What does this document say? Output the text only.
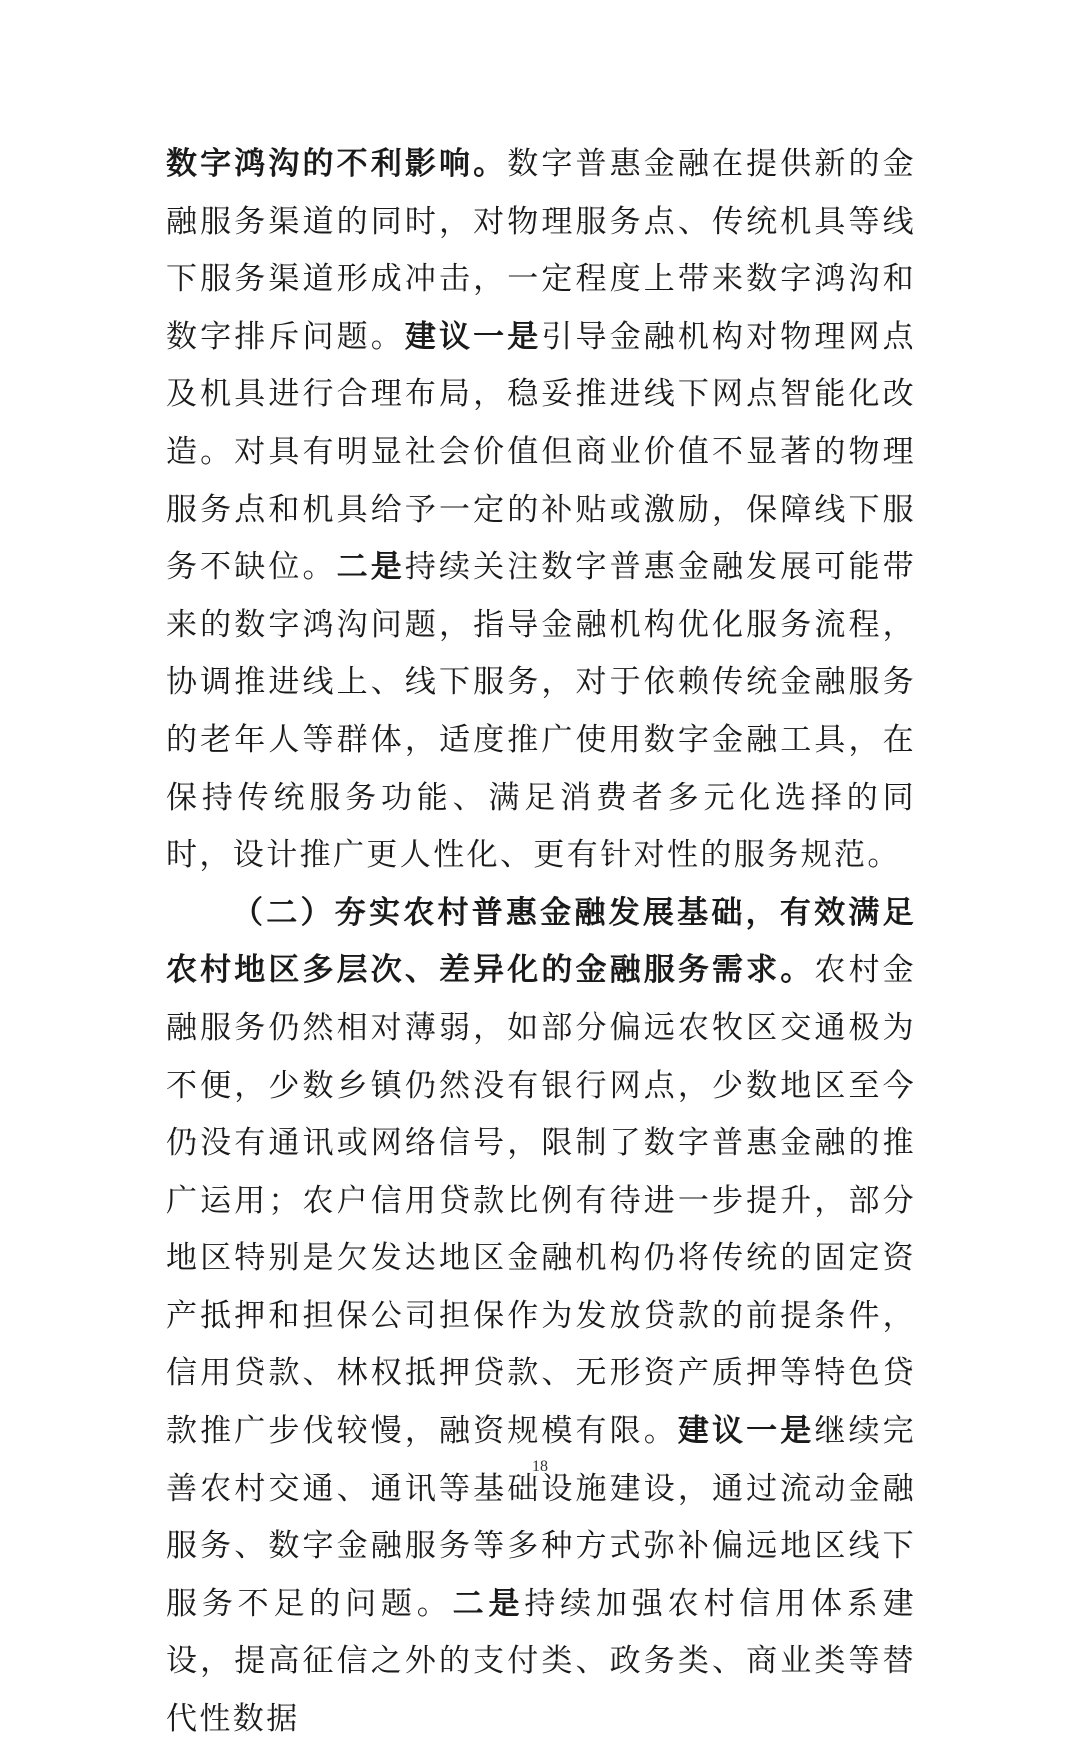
数字鸿沟的不利影响。数字普惠金融在提供新的金融服务渠道的同时，对物理服务点、传统机具等线下服务渠道形成冲击，一定程度上带来数字鸿沟和数字排斥问题。建议一是引导金融机构对物理网点及机具进行合理布局，稳妥推进线下网点智能化改造。对具有明显社会价值但商业价值不显著的物理服务点和机具给予一定的补贴或激励，保障线下服务不缺位。二是持续关注数字普惠金融发展可能带来的数字鸿沟问题，指导金融机构优化服务流程，协调推进线上、线下服务，对于依赖传统金融服务的老年人等群体，适度推广使用数字金融工具，在保持传统服务功能、满足消费者多元化选择的同时，设计推广更人性化、更有针对性的服务规范。

（二）夯实农村普惠金融发展基础，有效满足农村地区多层次、差异化的金融服务需求。农村金融服务仍然相对薄弱，如部分偏远农牧区交通极为不便，少数乡镇仍然没有银行网点，少数地区至今仍没有通讯或网络信号，限制了数字普惠金融的推广运用；农户信用贷款比例有待进一步提升，部分地区特别是欠发达地区金融机构仍将传统的固定资产抵押和担保公司担保作为发放贷款的前提条件，信用贷款、林权抵押贷款、无形资产质押等特色贷款推广步伐较慢，融资规模有限。建议一是继续完善农村交通、通讯等基础设施建设，通过流动金融服务、数字金融服务等多种方式弥补偏远地区线下服务不足的问题。二是持续加强农村信用体系建设，提高征信之外的支付类、政务类、商业类等替代性数据

18
